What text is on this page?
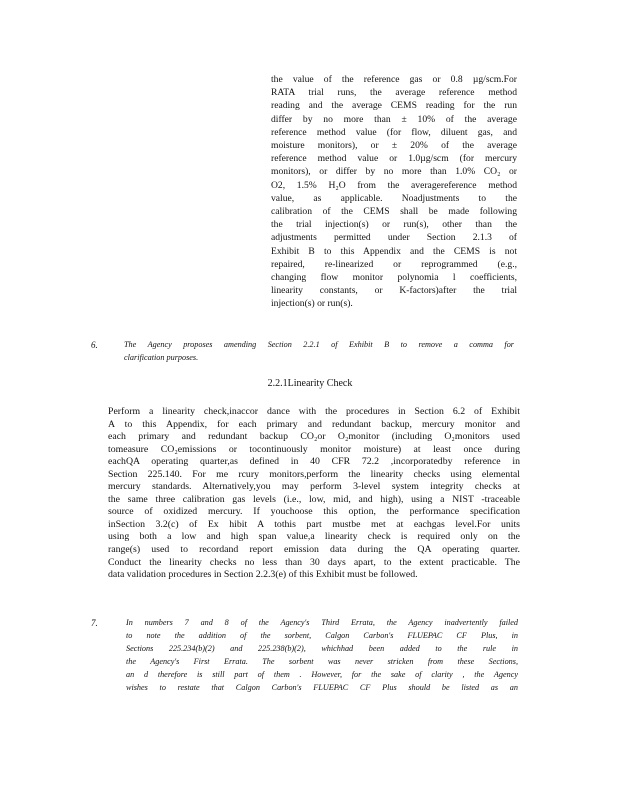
the value of the reference gas or 0.8 µg/scm.For
RATA trial runs, the average reference method
reading and the average CEMS reading for the run
differ by no more than ± 10% of the average
reference method value (for flow, diluent gas, and
moisture monitors), or ± 20% of the average
reference method value or 1.0µg/scm (for mercury
monitors), or differ by no more than 1.0% CO₂ or
O2, 1.5% H₂O from the averagereference method
value, as applicable. Noadjustments to the
calibration of the CEMS shall be made following
the trial injection(s) or run(s), other than the
adjustments permitted under Section 2.1.3 of
Exhibit B to this Appendix and the CEMS is not
repaired, re-linearized or reprogrammed (e.g.,
changing flow monitor polynomia l coefficients,
linearity constants, or K-factors)after the trial
injection(s) or run(s).
6.	The Agency proposes amending Section 2.2.1 of Exhibit B to remove a comma for
clarification purposes.
2.2.1Linearity Check
Perform a linearity check,inaccor dance with the procedures in Section 6.2 of Exhibit
A to this Appendix, for each primary and redundant backup, mercury monitor and
each primary and redundant backup CO₂or O₂monitor (including O₂monitors used
tomeasure CO₂emissions or tocontinuously monitor moisture) at least once during
eachQA operating quarter,as defined in 40 CFR 72.2 ,incorporatedby reference in
Section 225.140. For me rcury monitors,perform the linearity checks using elemental
mercury standards. Alternatively,you may perform 3-level system integrity checks at
the same three calibration gas levels (i.e., low, mid, and high), using a NIST -traceable
source of oxidized mercury. If youchoose this option, the performance specification
inSection 3.2(c) of Ex hibit A tothis part mustbe met at eachgas level.For units
using both a low and high span value,a linearity check is required only on the
range(s) used to recordand report emission data during the QA operating quarter.
Conduct the linearity checks no less than 30 days apart, to the extent practicable. The
data validation procedures in Section 2.2.3(e) of this Exhibit must be followed.
7.	In numbers 7 and 8 of the Agency's Third Errata, the Agency inadvertently failed
to note the addition of the sorbent, Calgon Carbon's FLUEPAC CF Plus, in
Sections 225.234(b)(2) and 225.238(b)(2), whichhad been added to the rule in
the Agency's First Errata. The sorbent was never stricken from these Sections,
an d therefore is still part of them . However, for the sake of clarity , the Agency
wishes to restate that Calgon Carbon's FLUEPAC CF Plus should be listed as an
